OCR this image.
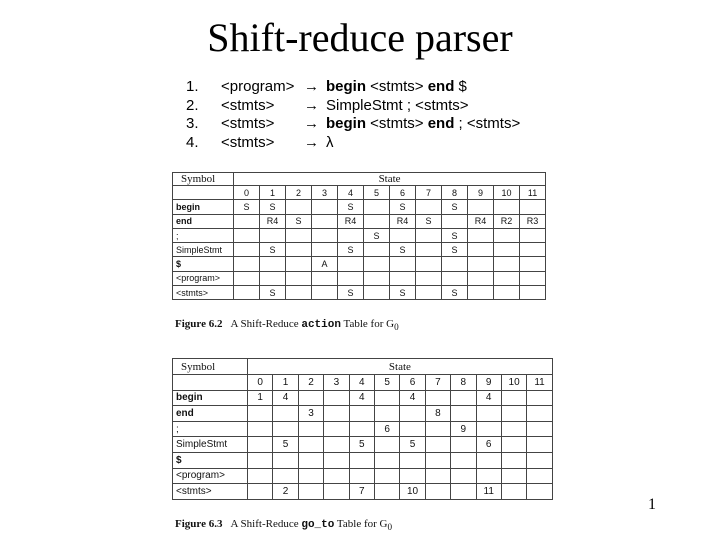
Shift-reduce parser
1. <program> → begin <stmts> end $
2. <stmts> → SimpleStmt ; <stmts>
3. <stmts> → begin <stmts> end ; <stmts>
4. <stmts> → λ
Symbol	State											
	0	1	2	3	4	5	6	7	8	9	10	11
begin	S	S			S		S		S			
end		R4	S		R4		R4	S		R4	R2	R3
;						S			S			
SimpleStmt		S			S		S		S			
$				A								
<program>												
<stmts>		S			S		S		S			
Figure 6.2 A Shift-Reduce action Table for $G_0$
Symbol	State											
	0	1	2	3	4	5	6	7	8	9	10	11
begin	1	4			4		4			4		
end			3					8				
;						6			9			
SimpleStmt		5			5		5			6		
$												
<program>												
<stmts>		2			7		10			11		
Figure 6.3 A Shift-Reduce go_to Table for $G_0$
1
